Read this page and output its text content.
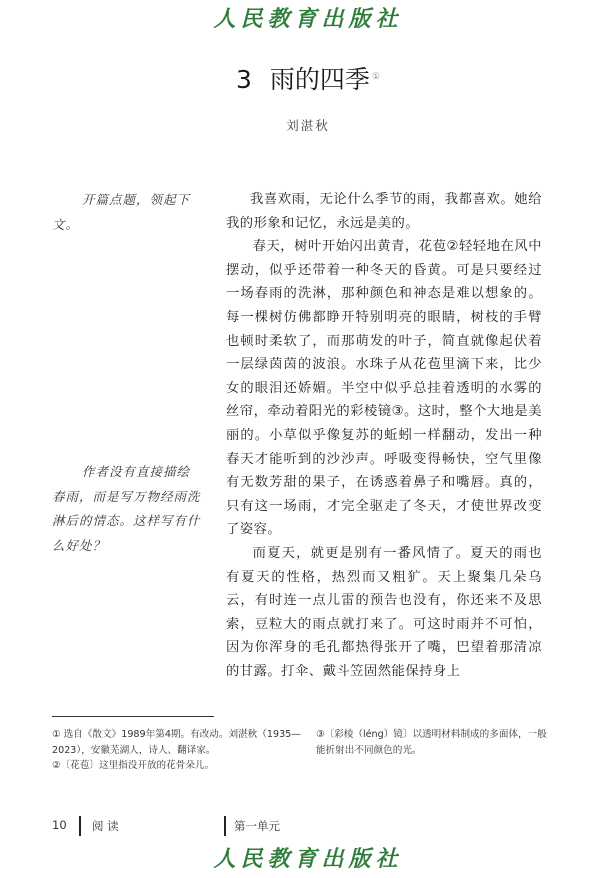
人民教育出版社
3 雨的四季 ①
刘湛秋
开篇点题，领起下文。
作者没有直接描绘春雨，而是写万物经雨洗淋后的情态。这样写有什么好处？

我喜欢雨，无论什么季节的雨，我都喜欢。她给我的形象和记忆，永远是美的。

春天，树叶开始闪出黄青，花苞②轻轻地在风中摆动，似乎还带着一种冬天的昏黄。可是只要经过一场春雨的洗淋，那种颜色和神态是难以想象的。每一棵树仿佛都睁开特别明亮的眼睛，树枝的手臂也顿时柔软了，而那萌发的叶子，简直就像起伏着一层绿茵茵的波浪。水珠子从花苞里滴下来，比少女的眼泪还娇媚。半空中似乎总挂着透明的水雾的丝帘，牵动着阳光的彩棱镜③。这时，整个大地是美丽的。小草似乎像复苏的蚯蚓一样翻动，发出一种春天才能听到的沙沙声。呼吸变得畅快，空气里像有无数芳甜的果子，在诱惑着鼻子和嘴唇。真的，只有这一场雨，才完全驱走了冬天，才使世界改变了姿容。

而夏天，就更是别有一番风情了。夏天的雨也有夏天的性格，热烈而又粗犷。天上聚集几朵乌云，有时连一点儿雷的预告也没有，你还来不及思索，豆粒大的雨点就打来了。可这时雨并不可怕，因为你浑身的毛孔都热得张开了嘴，巴望着那清凉的甘露。打伞、戴斗笠固然能保持身上

① 选自《散文》1989年第4期。有改动。刘湛秋（1935—2023），安徽芜湖人，诗人、翻译家。
②〔花苞〕这里指没开放的花骨朵儿。
③〔彩棱（léng）镜〕以透明材料制成的多面体，一般能折射出不同颜色的光。
10 阅 读	第一单元
人民教育出版社
